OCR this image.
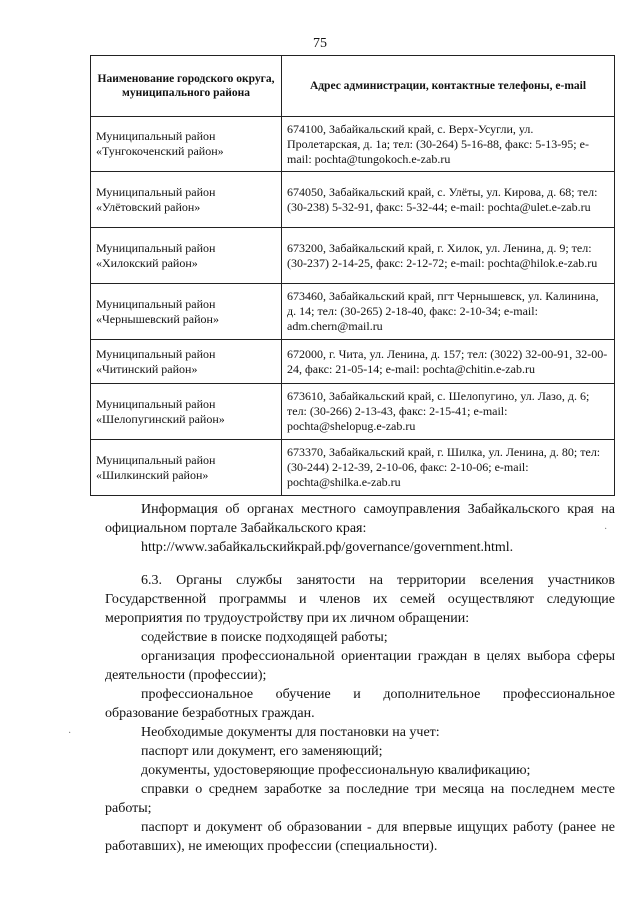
75
Наименование городского округа, муниципального района	Адрес администрации, контактные телефоны, e-mail
Муниципальный район «Тунгокоченский район»	674100, Забайкальский край, с. Верх-Усугли, ул. Пролетарская, д. 1а; тел: (30-264) 5-16-88, факс: 5-13-95; e-mail: pochta@tungokoch.e-zab.ru
Муниципальный район «Улётовский район»	674050, Забайкальский край, с. Улёты, ул. Кирова, д. 68; тел: (30-238) 5-32-91, факс: 5-32-44; e-mail: pochta@ulet.e-zab.ru
Муниципальный район «Хилокский район»	673200, Забайкальский край, г. Хилок, ул. Ленина, д. 9; тел: (30-237) 2-14-25, факс: 2-12-72; e-mail: pochta@hilok.e-zab.ru
Муниципальный район «Чернышевский район»	673460, Забайкальский край, пгт Чернышевск, ул. Калинина, д. 14; тел: (30-265) 2-18-40, факс: 2-10-34; e-mail: adm.chern@mail.ru
Муниципальный район «Читинский район»	672000, г. Чита, ул. Ленина, д. 157; тел: (3022) 32-00-91, 32-00-24, факс: 21-05-14; e-mail: pochta@chitin.e-zab.ru
Муниципальный район «Шелопугинский район»	673610, Забайкальский край, с. Шелопугино, ул. Лазо, д. 6; тел: (30-266) 2-13-43, факс: 2-15-41; e-mail: pochta@shelopug.e-zab.ru
Муниципальный район «Шилкинский район»	673370, Забайкальский край, г. Шилка, ул. Ленина, д. 80; тел: (30-244) 2-12-39, 2-10-06, факс: 2-10-06; e-mail: pochta@shilka.e-zab.ru

Информация об органах местного самоуправления Забайкальского края на официальном портале Забайкальского края:

http://www.забайкальскийкрай.рф/governance/government.html.

6.3. Органы службы занятости на территории вселения участников Государственной программы и членов их семей осуществляют следующие мероприятия по трудоустройству при их личном обращении:

содействие в поиске подходящей работы;

организация профессиональной ориентации граждан в целях выбора сферы деятельности (профессии);

профессиональное обучение и дополнительное профессиональное образование безработных граждан.

Необходимые документы для постановки на учет:

паспорт или документ, его заменяющий;

документы, удостоверяющие профессиональную квалификацию;

справки о среднем заработке за последние три месяца на последнем месте работы;

паспорт и документ об образовании - для впервые ищущих работу (ранее не работавших), не имеющих профессии (специальности).

·
·
